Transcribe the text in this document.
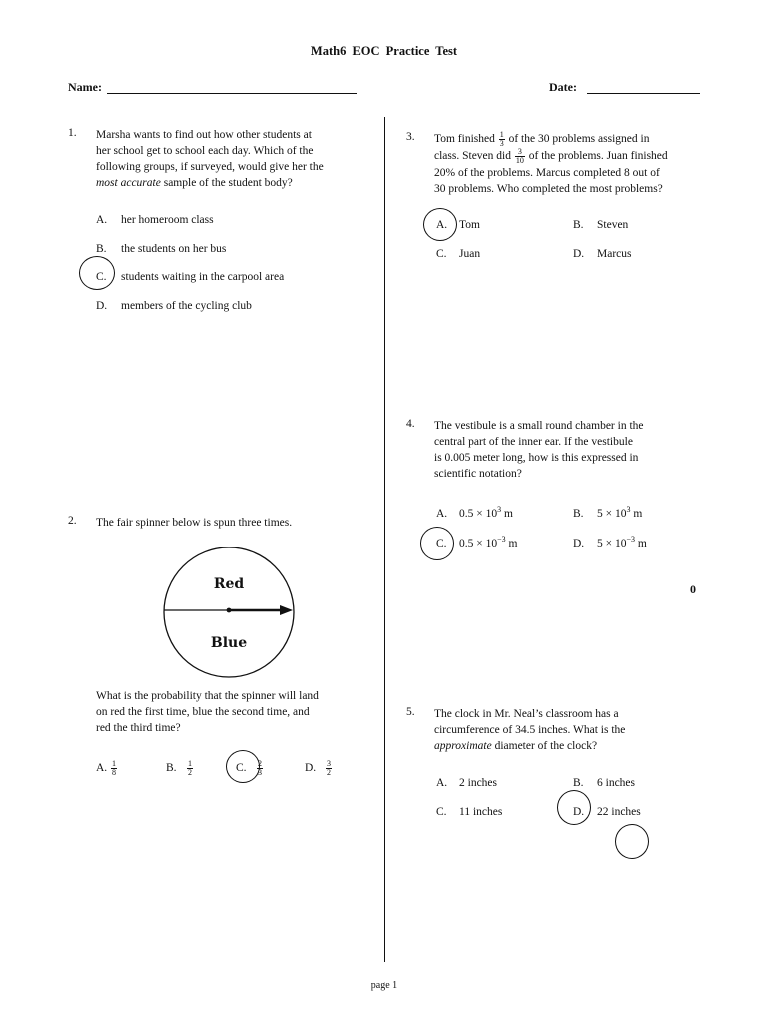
Math6 EOC Practice Test
Name:	Date:
1.	Marsha wants to find out how other students at
her school get to school each day. Which of the
following groups, if surveyed, would give her the
most accurate sample of the student body?
A. her homeroom class
B. the students on her bus
C. students waiting in the carpool area
D. members of the cycling club
2.	The fair spinner below is spun three times.
Red
Blue
What is the probability that the spinner will land
on red the first time, blue the second time, and
red the third time?
A. $\frac{1}{8}$	B. $\frac{1}{2}$	C. $\frac{2}{3}$	D. $\frac{3}{2}$
3.	Tom finished $\frac{1}{3}$ of the 30 problems assigned in
class. Steven did $\frac{3}{10}$ of the problems. Juan finished
20% of the problems. Marcus completed 8 out of
30 problems. Who completed the most problems?
A. Tom	B. Steven
C. Juan	D. Marcus
4.	The vestibule is a small round chamber in the
central part of the inner ear. If the vestibule
is 0.005 meter long, how is this expressed in
scientific notation?
A. $0.5 \times 10^3$ m	B. $5 \times 10^3$ m
C. $0.5 \times 10^{-3}$ m	D. $5 \times 10^{-3}$ m
0
5.	The clock in Mr. Neal’s classroom has a
circumference of 34.5 inches. What is the
approximate diameter of the clock?
A. 2 inches	B. 6 inches
C. 11 inches	D. 22 inches
page 1
